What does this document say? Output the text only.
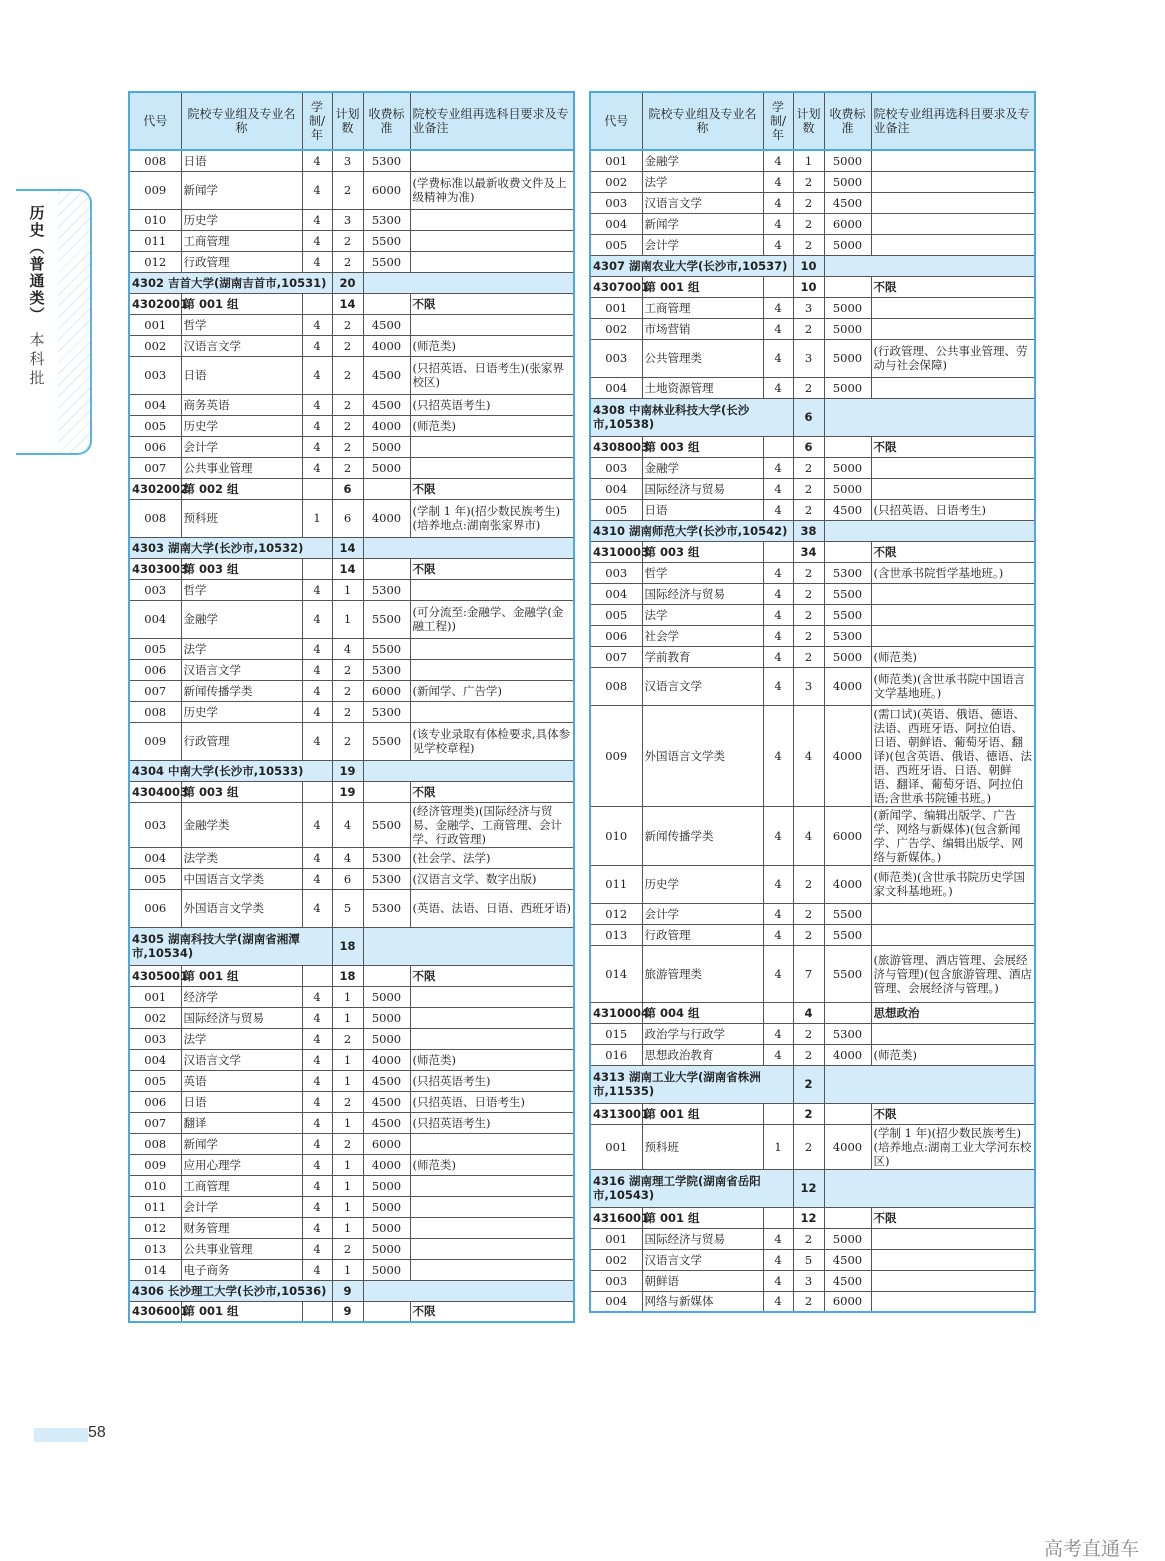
历史（普通类）
本科批
代号	院校专业组及专业名称	学制/年	计划数	收费标准	院校专业组再选科目要求及专业备注
008	日语	4	3	5300	
009	新闻学	4	2	6000	(学费标准以最新收费文件及上级精神为准)
010	历史学	4	3	5300	
011	工商管理	4	2	5500	
012	行政管理	4	2	5500	
4302 吉首大学(湖南吉首市,10531)			20		
4302001	第 001 组		14		不限
001	哲学	4	2	4500	
002	汉语言文学	4	2	4000	(师范类)
003	日语	4	2	4500	(只招英语、日语考生)(张家界校区)
004	商务英语	4	2	4500	(只招英语考生)
005	历史学	4	2	4000	(师范类)
006	会计学	4	2	5000	
007	公共事业管理	4	2	5000	
4302002	第 002 组		6		不限
008	预科班	1	6	4000	(学制 1 年)(招少数民族考生)(培养地点:湖南张家界市)
4303 湖南大学(长沙市,10532)			14		
4303003	第 003 组		14		不限
003	哲学	4	1	5300	
004	金融学	4	1	5500	(可分流至:金融学、金融学(金融工程))
005	法学	4	4	5500	
006	汉语言文学	4	2	5300	
007	新闻传播学类	4	2	6000	(新闻学、广告学)
008	历史学	4	2	5300	
009	行政管理	4	2	5500	(该专业录取有体检要求,具体参见学校章程)
4304 中南大学(长沙市,10533)			19		
4304003	第 003 组		19		不限
003	金融学类	4	4	5500	(经济管理类)(国际经济与贸易、金融学、工商管理、会计学、行政管理)
004	法学类	4	4	5300	(社会学、法学)
005	中国语言文学类	4	6	5300	(汉语言文学、数字出版)
006	外国语言文学类	4	5	5300	(英语、法语、日语、西班牙语)
4305 湖南科技大学(湖南省湘潭市,10534)			18		
4305001	第 001 组		18		不限
001	经济学	4	1	5000	
002	国际经济与贸易	4	1	5000	
003	法学	4	2	5000	
004	汉语言文学	4	1	4000	(师范类)
005	英语	4	1	4500	(只招英语考生)
006	日语	4	2	4500	(只招英语、日语考生)
007	翻译	4	1	4500	(只招英语考生)
008	新闻学	4	2	6000	
009	应用心理学	4	1	4000	(师范类)
010	工商管理	4	1	5000	
011	会计学	4	1	5000	
012	财务管理	4	1	5000	
013	公共事业管理	4	2	5000	
014	电子商务	4	1	5000	
4306 长沙理工大学(长沙市,10536)			9		
4306001	第 001 组		9		不限
代号	院校专业组及专业名称	学制/年	计划数	收费标准	院校专业组再选科目要求及专业备注
001	金融学	4	1	5000	
002	法学	4	2	5000	
003	汉语言文学	4	2	4500	
004	新闻学	4	2	6000	
005	会计学	4	2	5000	
4307 湖南农业大学(长沙市,10537)			10		
4307001	第 001 组		10		不限
001	工商管理	4	3	5000	
002	市场营销	4	2	5000	
003	公共管理类	4	3	5000	(行政管理、公共事业管理、劳动与社会保障)
004	土地资源管理	4	2	5000	
4308 中南林业科技大学(长沙市,10538)			6		
4308003	第 003 组		6		不限
003	金融学	4	2	5000	
004	国际经济与贸易	4	2	5000	
005	日语	4	2	4500	(只招英语、日语考生)
4310 湖南师范大学(长沙市,10542)			38		
4310003	第 003 组		34		不限
003	哲学	4	2	5300	(含世承书院哲学基地班。)
004	国际经济与贸易	4	2	5500	
005	法学	4	2	5500	
006	社会学	4	2	5300	
007	学前教育	4	2	5000	(师范类)
008	汉语言文学	4	3	4000	(师范类)(含世承书院中国语言文学基地班。)
009	外国语言文学类	4	4	4000	(需口试)(英语、俄语、德语、法语、西班牙语、阿拉伯语、日语、朝鲜语、葡萄牙语、翻译)(包含英语、俄语、德语、法语、西班牙语、日语、朝鲜语、翻译、葡萄牙语、阿拉伯语;含世承书院锺书班。)
010	新闻传播学类	4	4	6000	(新闻学、编辑出版学、广告学、网络与新媒体)(包含新闻学、广告学、编辑出版学、网络与新媒体。)
011	历史学	4	2	4000	(师范类)(含世承书院历史学国家文科基地班。)
012	会计学	4	2	5500	
013	行政管理	4	2	5500	
014	旅游管理类	4	7	5500	(旅游管理、酒店管理、会展经济与管理)(包含旅游管理、酒店管理、会展经济与管理。)
4310004	第 004 组		4		思想政治
015	政治学与行政学	4	2	5300	
016	思想政治教育	4	2	4000	(师范类)
4313 湖南工业大学(湖南省株洲市,11535)			2		
4313001	第 001 组		2		不限
001	预科班	1	2	4000	(学制 1 年)(招少数民族考生)(培养地点:湖南工业大学河东校区)
4316 湖南理工学院(湖南省岳阳市,10543)			12		
4316001	第 001 组		12		不限
001	国际经济与贸易	4	2	5000	
002	汉语言文学	4	5	4500	
003	朝鲜语	4	3	4500	
004	网络与新媒体	4	2	6000	
58
高考直通车
